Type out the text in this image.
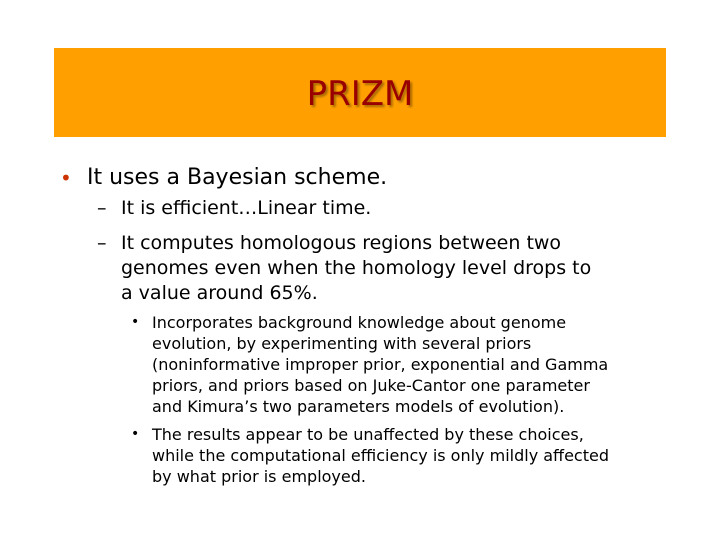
PRIZM
• It uses a Bayesian scheme.
– It is efficient…Linear time.
– It computes homologous regions between two
genomes even when the homology level drops to
a value around 65%.
• Incorporates background knowledge about genome
evolution, by experimenting with several priors
(noninformative improper prior, exponential and Gamma
priors, and priors based on Juke-Cantor one parameter
and Kimura’s two parameters models of evolution).
• The results appear to be unaffected by these choices,
while the computational efficiency is only mildly affected
by what prior is employed.
